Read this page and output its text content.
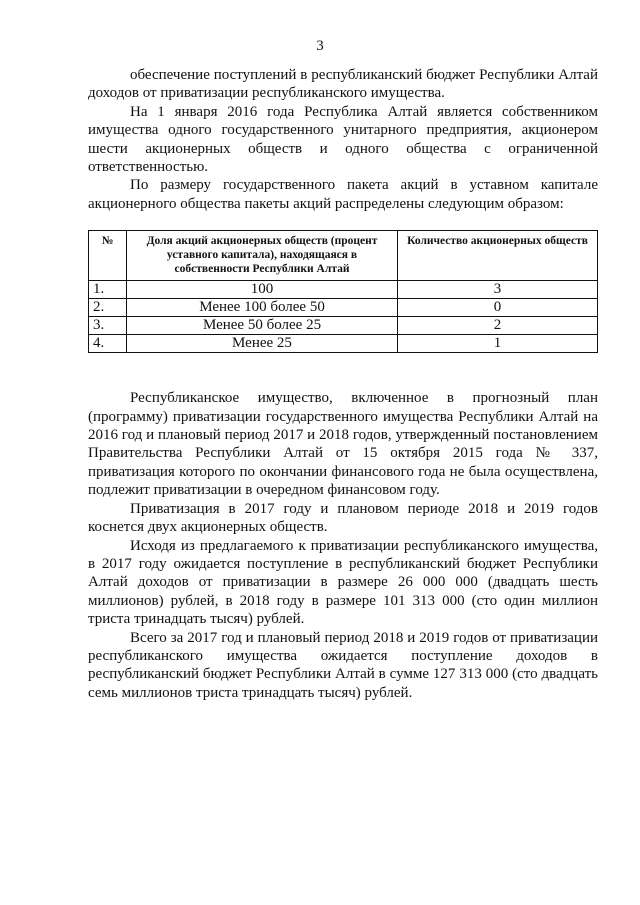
3

обеспечение поступлений в республиканский бюджет Республики Алтай доходов от приватизации республиканского имущества.

На 1 января 2016 года Республика Алтай является собственником имущества одного государственного унитарного предприятия, акционером шести акционерных обществ и одного общества с ограниченной ответственностью.

По размеру государственного пакета акций в уставном капитале акционерного общества пакеты акций распределены следующим образом:

№	Доля акций акционерных обществ (процент уставного капитала), находящаяся в собственности Республики Алтай	Количество акционерных обществ
1.	100	3
2.	Менее 100 более 50	0
3.	Менее 50 более 25	2
4.	Менее 25	1

Республиканское имущество, включенное в прогнозный план (программу) приватизации государственного имущества Республики Алтай на 2016 год и плановый период 2017 и 2018 годов, утвержденный постановлением Правительства Республики Алтай от 15 октября 2015 года № 337, приватизация которого по окончании финансового года не была осуществлена, подлежит приватизации в очередном финансовом году.

Приватизация в 2017 году и плановом периоде 2018 и 2019 годов коснется двух акционерных обществ.

Исходя из предлагаемого к приватизации республиканского имущества, в 2017 году ожидается поступление в республиканский бюджет Республики Алтай доходов от приватизации в размере 26 000 000 (двадцать шесть миллионов) рублей, в 2018 году в размере 101 313 000 (сто один миллион триста тринадцать тысяч) рублей.

Всего за 2017 год и плановый период 2018 и 2019 годов от приватизации республиканского имущества ожидается поступление доходов в республиканский бюджет Республики Алтай в сумме 127 313 000 (сто двадцать семь миллионов триста тринадцать тысяч) рублей.
